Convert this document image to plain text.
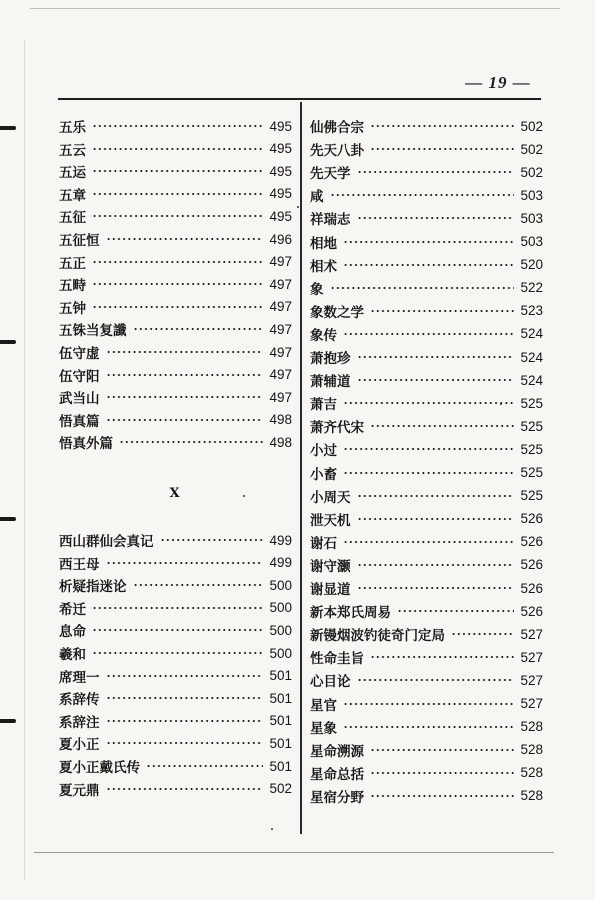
— 19 —
五乐	495
五云	495
五运	495
五章	495
五征	495
五征恒	496
五正	497
五畤	497
五钟	497
五铢当复讖	497
伍守虚	497
伍守阳	497
武当山	497
悟真篇	498
悟真外篇	498
X
西山群仙会真记	499
西王母	499
析疑指迷论	500
希迁	500
息命	500
羲和	500
席理一	501
系辞传	501
系辞注	501
夏小正	501
夏小正戴氏传	501
夏元鼎	502
仙佛合宗	502
先天八卦	502
先天学	502
咸	503
祥瑞志	503
相地	503
相术	520
象	522
象数之学	523
象传	524
萧抱珍	524
萧辅道	524
萧吉	525
萧齐代宋	525
小过	525
小畜	525
小周天	525
泄天机	526
谢石	526
谢守灏	526
谢显道	526
新本郑氏周易	526
新镘烟波钓徒奇门定局	527
性命圭旨	527
心目论	527
星官	527
星象	528
星命溯源	528
星命总括	528
星宿分野	528
